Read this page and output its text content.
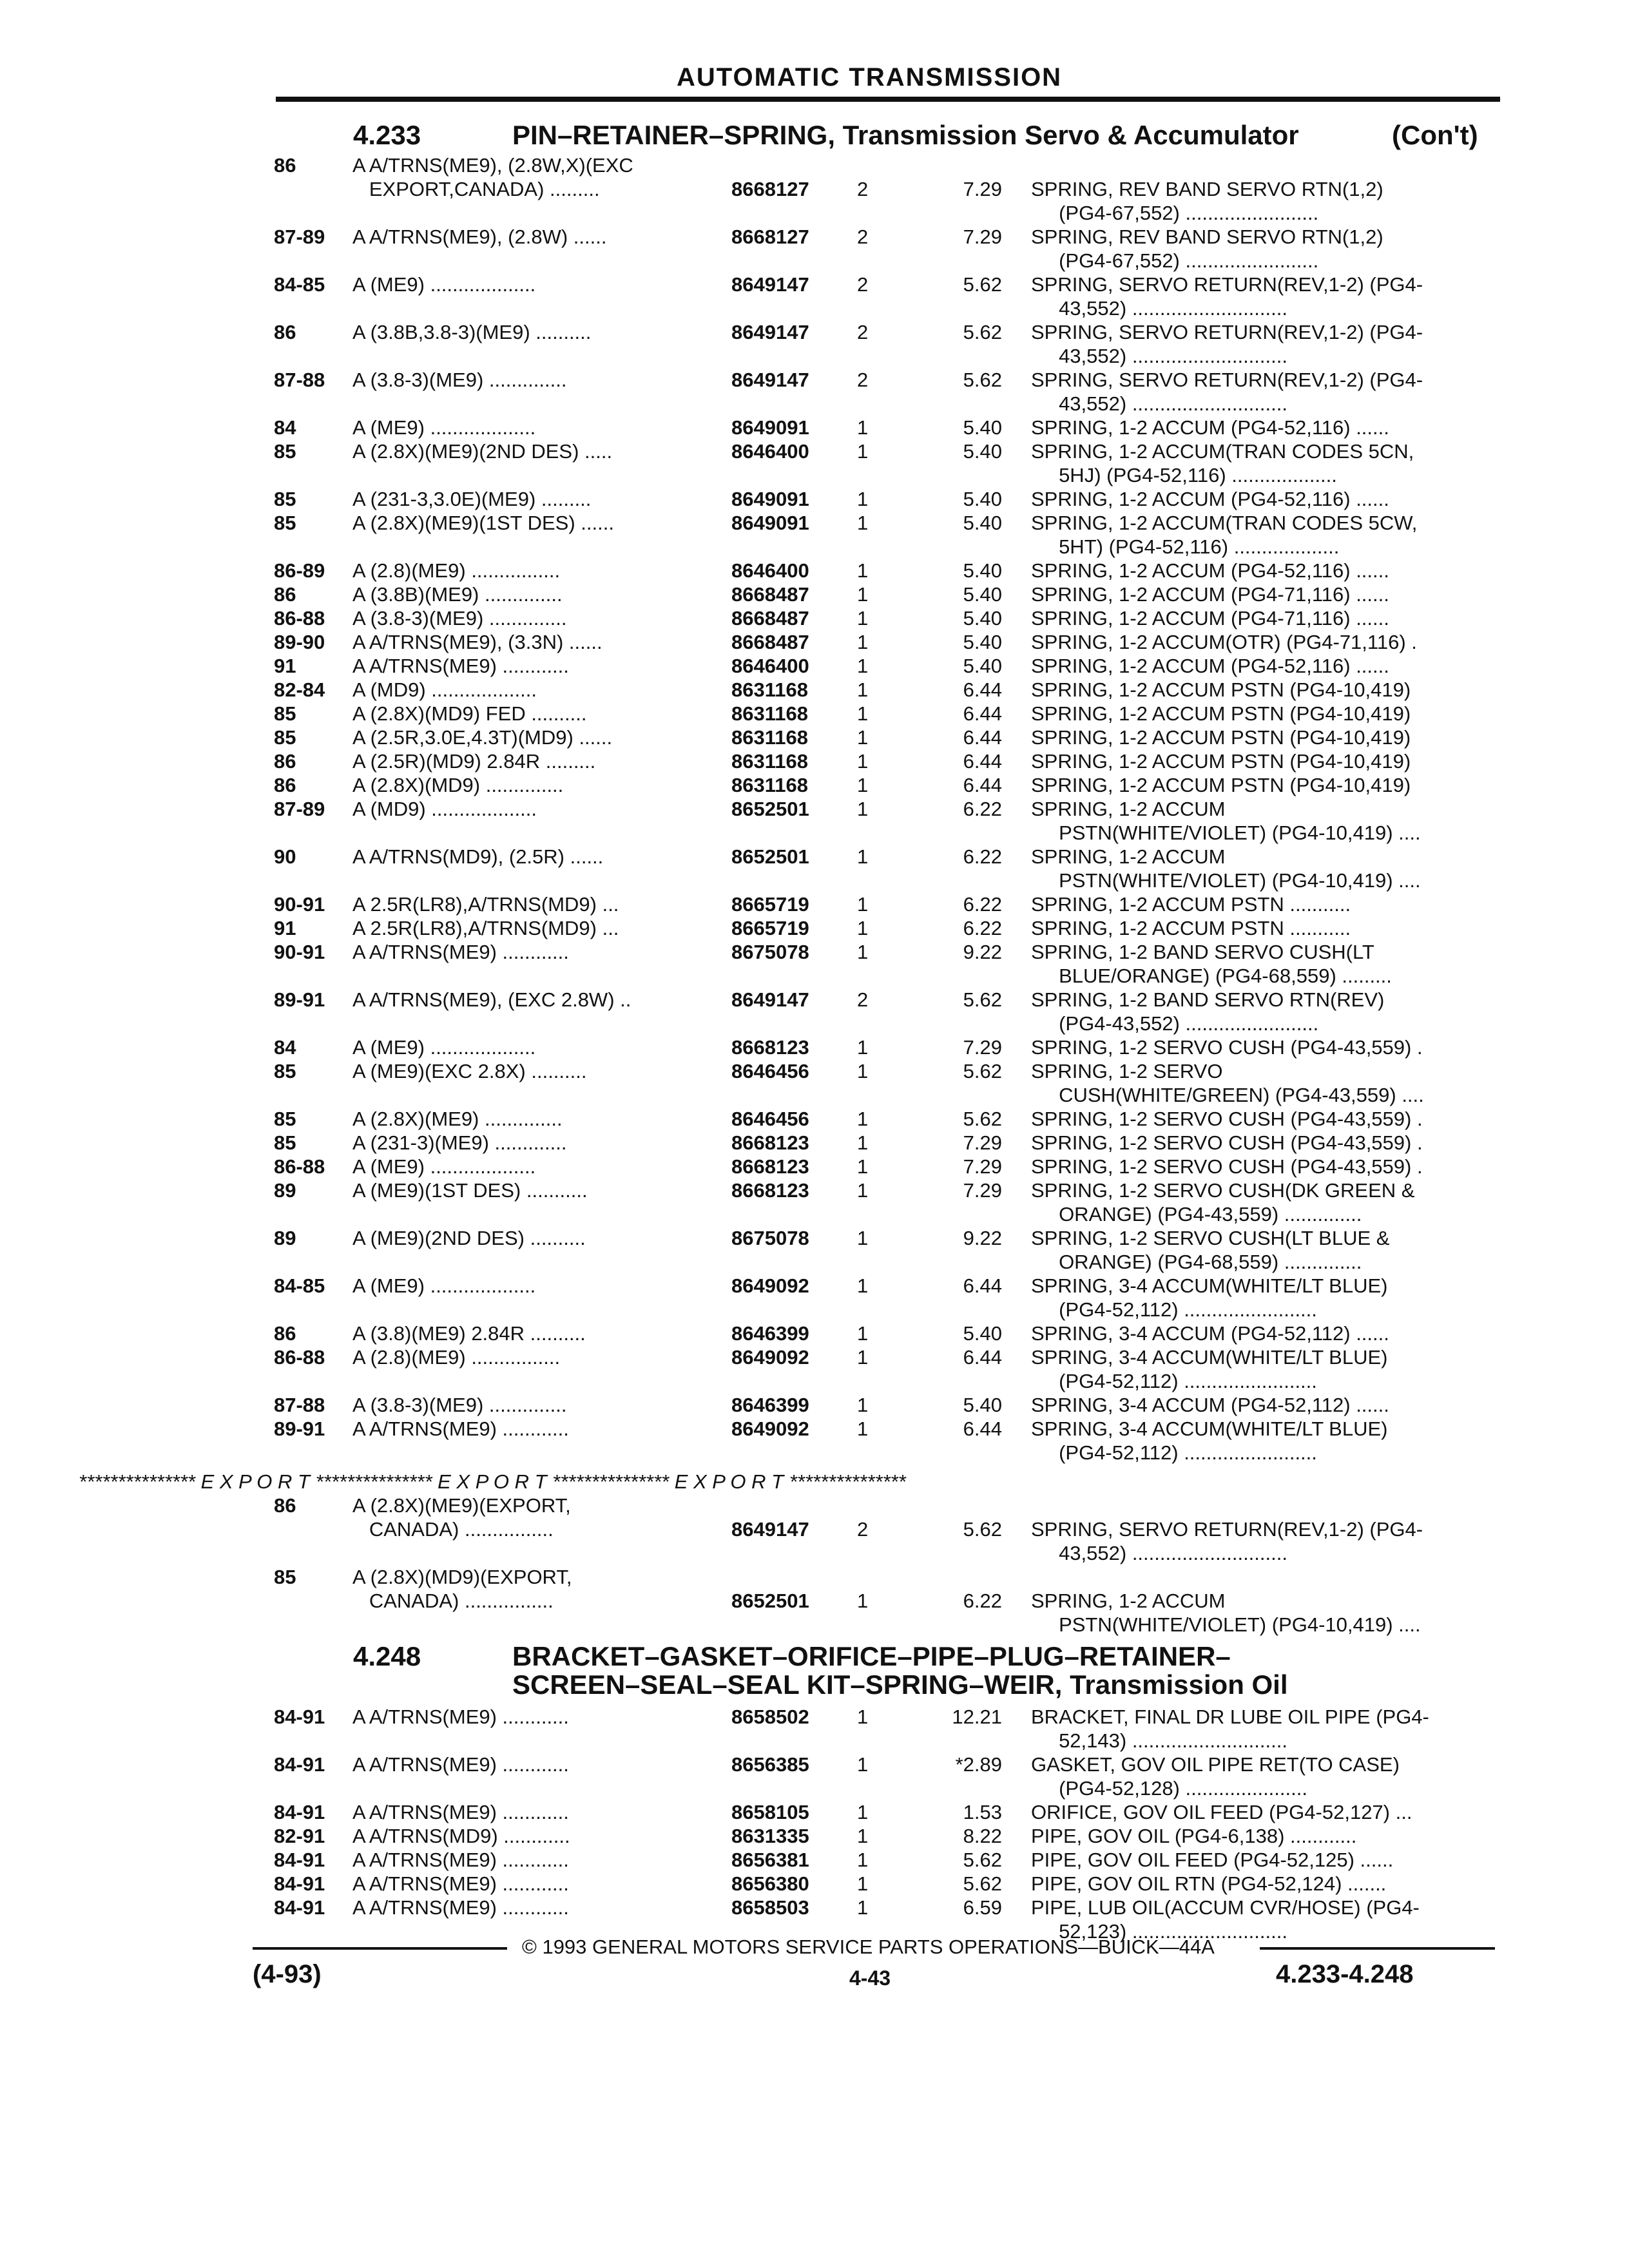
AUTOMATIC TRANSMISSION
4.233	PIN–RETAINER–SPRING, Transmission Servo & Accumulator	(Con't)
86	A A/TRNS(ME9), (2.8W,X)(EXC
EXPORT,CANADA) .........	8668127	2	7.29 SPRING, REV BAND SERVO RTN(1,2)
(PG4-67,552) ........................
87-89	A A/TRNS(ME9), (2.8W) ......	8668127	2	7.29 SPRING, REV BAND SERVO RTN(1,2)
(PG4-67,552) ........................
84-85	A (ME9) ...................	8649147	2	5.62 SPRING, SERVO RETURN(REV,1-2) (PG4-
43,552) ............................
86	A (3.8B,3.8-3)(ME9) ..........	8649147	2	5.62 SPRING, SERVO RETURN(REV,1-2) (PG4-
43,552) ............................
87-88	A (3.8-3)(ME9) ..............	8649147	2	5.62 SPRING, SERVO RETURN(REV,1-2) (PG4-
43,552) ............................
84	A (ME9) ...................	8649091	1	5.40 SPRING, 1-2 ACCUM (PG4-52,116) ......
85	A (2.8X)(ME9)(2ND DES) .....	8646400	1	5.40 SPRING, 1-2 ACCUM(TRAN CODES 5CN,
5HJ) (PG4-52,116) ...................
85	A (231-3,3.0E)(ME9) .........	8649091	1	5.40 SPRING, 1-2 ACCUM (PG4-52,116) ......
85	A (2.8X)(ME9)(1ST DES) ......	8649091	1	5.40 SPRING, 1-2 ACCUM(TRAN CODES 5CW,
5HT) (PG4-52,116) ...................
86-89	A (2.8)(ME9) ................	8646400	1	5.40 SPRING, 1-2 ACCUM (PG4-52,116) ......
86	A (3.8B)(ME9) ..............	8668487	1	5.40 SPRING, 1-2 ACCUM (PG4-71,116) ......
86-88	A (3.8-3)(ME9) ..............	8668487	1	5.40 SPRING, 1-2 ACCUM (PG4-71,116) ......
89-90	A A/TRNS(ME9), (3.3N) ......	8668487	1	5.40 SPRING, 1-2 ACCUM(OTR) (PG4-71,116) .
91	A A/TRNS(ME9) ............	8646400	1	5.40 SPRING, 1-2 ACCUM (PG4-52,116) ......
82-84	A (MD9) ...................	8631168	1	6.44 SPRING, 1-2 ACCUM PSTN (PG4-10,419)
85	A (2.8X)(MD9) FED ..........	8631168	1	6.44 SPRING, 1-2 ACCUM PSTN (PG4-10,419)
85	A (2.5R,3.0E,4.3T)(MD9) ......	8631168	1	6.44 SPRING, 1-2 ACCUM PSTN (PG4-10,419)
86	A (2.5R)(MD9) 2.84R .........	8631168	1	6.44 SPRING, 1-2 ACCUM PSTN (PG4-10,419)
86	A (2.8X)(MD9) ..............	8631168	1	6.44 SPRING, 1-2 ACCUM PSTN (PG4-10,419)
87-89	A (MD9) ...................	8652501	1	6.22 SPRING, 1-2 ACCUM
PSTN(WHITE/VIOLET) (PG4-10,419) ....
90	A A/TRNS(MD9), (2.5R) ......	8652501	1	6.22 SPRING, 1-2 ACCUM
PSTN(WHITE/VIOLET) (PG4-10,419) ....
90-91	A 2.5R(LR8),A/TRNS(MD9) ...	8665719	1	6.22 SPRING, 1-2 ACCUM PSTN ...........
91	A 2.5R(LR8),A/TRNS(MD9) ...	8665719	1	6.22 SPRING, 1-2 ACCUM PSTN ...........
90-91	A A/TRNS(ME9) ............	8675078	1	9.22 SPRING, 1-2 BAND SERVO CUSH(LT
BLUE/ORANGE) (PG4-68,559) .........
89-91	A A/TRNS(ME9), (EXC 2.8W) ..	8649147	2	5.62 SPRING, 1-2 BAND SERVO RTN(REV)
(PG4-43,552) ........................
84	A (ME9) ...................	8668123	1	7.29 SPRING, 1-2 SERVO CUSH (PG4-43,559) .
85	A (ME9)(EXC 2.8X) ..........	8646456	1	5.62 SPRING, 1-2 SERVO
CUSH(WHITE/GREEN) (PG4-43,559) ....
85	A (2.8X)(ME9) ..............	8646456	1	5.62 SPRING, 1-2 SERVO CUSH (PG4-43,559) .
85	A (231-3)(ME9) .............	8668123	1	7.29 SPRING, 1-2 SERVO CUSH (PG4-43,559) .
86-88	A (ME9) ...................	8668123	1	7.29 SPRING, 1-2 SERVO CUSH (PG4-43,559) .
89	A (ME9)(1ST DES) ...........	8668123	1	7.29 SPRING, 1-2 SERVO CUSH(DK GREEN &
ORANGE) (PG4-43,559) ..............
89	A (ME9)(2ND DES) ..........	8675078	1	9.22 SPRING, 1-2 SERVO CUSH(LT BLUE &
ORANGE) (PG4-68,559) ..............
84-85	A (ME9) ...................	8649092	1	6.44 SPRING, 3-4 ACCUM(WHITE/LT BLUE)
(PG4-52,112) ........................
86	A (3.8)(ME9) 2.84R ..........	8646399	1	5.40 SPRING, 3-4 ACCUM (PG4-52,112) ......
86-88	A (2.8)(ME9) ................	8649092	1	6.44 SPRING, 3-4 ACCUM(WHITE/LT BLUE)
(PG4-52,112) ........................
87-88	A (3.8-3)(ME9) ..............	8646399	1	5.40 SPRING, 3-4 ACCUM (PG4-52,112) ......
89-91	A A/TRNS(ME9) ............	8649092	1	6.44 SPRING, 3-4 ACCUM(WHITE/LT BLUE)
(PG4-52,112) ........................
*************** E X P O R T *************** E X P O R T *************** E X P O R T ***************
86	A (2.8X)(ME9)(EXPORT,
CANADA) ................	8649147	2	5.62 SPRING, SERVO RETURN(REV,1-2) (PG4-
43,552) ............................
85	A (2.8X)(MD9)(EXPORT,
CANADA) ................	8652501	1	6.22 SPRING, 1-2 ACCUM
PSTN(WHITE/VIOLET) (PG4-10,419) ....
4.248	BRACKET–GASKET–ORIFICE–PIPE–PLUG–RETAINER–
SCREEN–SEAL–SEAL KIT–SPRING–WEIR, Transmission Oil
84-91	A A/TRNS(ME9) ............	8658502	1	12.21 BRACKET, FINAL DR LUBE OIL PIPE (PG4-
52,143) ............................
84-91	A A/TRNS(ME9) ............	8656385	1	*2.89 GASKET, GOV OIL PIPE RET(TO CASE)
(PG4-52,128) ......................
84-91	A A/TRNS(ME9) ............	8658105	1	1.53 ORIFICE, GOV OIL FEED (PG4-52,127) ...
82-91	A A/TRNS(MD9) ............	8631335	1	8.22 PIPE, GOV OIL (PG4-6,138) ............
84-91	A A/TRNS(ME9) ............	8656381	1	5.62 PIPE, GOV OIL FEED (PG4-52,125) ......
84-91	A A/TRNS(ME9) ............	8656380	1	5.62 PIPE, GOV OIL RTN (PG4-52,124) .......
84-91	A A/TRNS(ME9) ............	8658503	1	6.59 PIPE, LUB OIL(ACCUM CVR/HOSE) (PG4-
52,123) ............................
© 1993 GENERAL MOTORS SERVICE PARTS OPERATIONS—BUICK—44A
(4-93)	4-43	4.233-4.248
